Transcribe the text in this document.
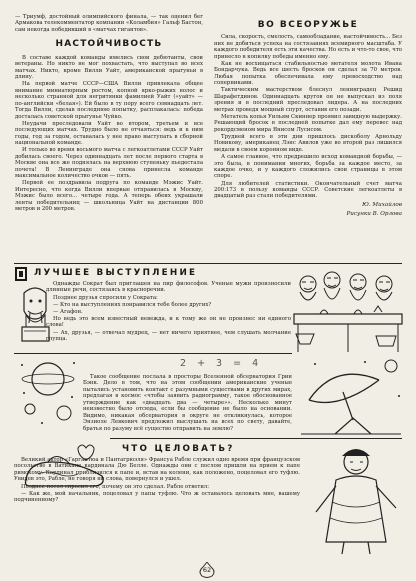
— Триумф, достойный олимпийского финала, — так оценил бег Армакова телекомментатор компании «Коламбия» Гальф Бастон, сам некогда победивший в «матчах гигантов».

НАСТОЙЧИВОСТЬ

В составе каждой команды имелись свои дебютанты, свои ветераны. Но никто не мог похвастать, что выступал во всех матчах. Никто, кроме Вилли Уайт, американской прыгуньи в длину.

На первой матче СССР—США Вилли привлекала общее внимание миниатюрным ростом, копной ярко-рыжих волос и несколько странной для негритянки фамилией Уайт («уайт» — по-английски «белая»). Ей было в ту пору всего семнадцать лет. Тогда Вилли, сделав последнюю попытку, расплакалась: победа досталась советской прыгунье Чуйко.

Неудачи преследовали Уайт во втором, третьем и все последующих матчах. Трудно было не отчаяться: ведь и к ним годы, год за годом, оставалась у нее право выступать в сборной национальной команде.

И только во время восьмого матча с легкоатлетами СССР Уайт добилась своего. Через одиннадцать лет после первого старта в Москве она все же поднялась на верхнюю ступеньку пьедестала почета! В Ленинграде она снова принесла команде максимальное количество очков — пять.

Первой ее поздравила подруга по команде Мэжис Уайт. Интересно, что когда Вилли впервые отправилась в Москву, Мэжис было всего... четыре года. А теперь обеих украшали ленты победительниц — школьница Уайт на дистанции 800 метров и 200 метров.

ВО ВСЕОРУЖЬЕ

Сила, скорость, смелость, самообладание, настойчивость... Без них не добиться успеха на состязаниях всемирного масштаба. У каждого победителя есть эти качества. Но есть и что-то свое, что принесло в копилку победы именно ему.

Как не восхищаться стабильностью метателя молота Ивана Бондарчука. Ведь все шесть бросков он сделал за 70 метров. Любая попытка обеспечивала ему превосходство над соперниками.

Тактическим мастерством блеснул ленинградец Решид Шарафетдинов. Одиннадцать кругов он не выпускал из поля зрения и в последний преследовал лидера. А на последних метрах проведя мощный спурт, оставив его позади.

Метатель копья Уильям Скиннер проявил завидную выдержку. Решающий бросок в последней попытке дал ему перевес над рекордсменом мира Янисом Лусисом.

Трудней всего в эти дни пришлось дискоболу Арнольду Новикову, американец Лэнс Авилов уже во второй раз лишился медали в своем коронном виде.

А самое главное, что предрешило исход командной борьбы, — это была, в понимании многих, борьба за каждое место, за каждое очко, и у каждого сложились свои страницы в этом споре.

Для любителей статистики. Окончательный счет матча 200:173 в пользу команды СССР. Советские легкоатлеты в двадцатый раз стали победителями.

Ю. Михайлов
Рисунки В. Орлова
ЛУЧШЕЕ ВЫСТУПЛЕНИЕ

Однажды Сократ был приглашен на пир философов. Ученые мужи произносили длинные речи, состязаясь в красноречии.

Позднее друзья спросили у Сократа:

— Кто на выступлениях понравился тебе более других?

— Агафон.

Но ведь это всем известный невежда, и к тому же он не произнес ни единого слова!

— Ах, друзья, — отвечал мудрец, — нет ничего приятнее, чем слушать молчание глупца.

2 + 3 = 4

Такое сообщение послала в просторы Вселенной обсерватория Грин Бэнк. Дело в том, что на этом сообщении американские ученые пытались установить контакт с разумными существами в других мирах, предлагая в космос «чтобы заявить радиограмму, такое обоснованное утверждение как «двадцать два — четыре»». Несколько минут неизвестно было отсюда, если бы сообщение не было на основании. Видимо, никакая обсерватория в округе не откликнулась, которое Энзиоле Левкович предложил выслушать на всех по свету, давайте, братья по разуму всё существо отправить на землю?

ЧТО ЦЕЛОВАТЬ?

Великий автор «Гаргантюа и Пантагрюэля» Франсуа Рабле служил одно время при французском посольстве в Ватикане кардинала Дю Белле. Однажды они с послом пришли на прием к папе римскому. Кардинал приблизился к папе и, встав на колени, как положено, поцеловал его туфлю. Увидев это, Рабле, не говоря ни слова, повернулся и ушел.

Позднее посол спросил его, почему он это сделал. Рабле ответил:

— Как же, мой начальник, поцеловал у папы туфлю. Что ж оставалось целовать мне, вашему подчиненному?

62
